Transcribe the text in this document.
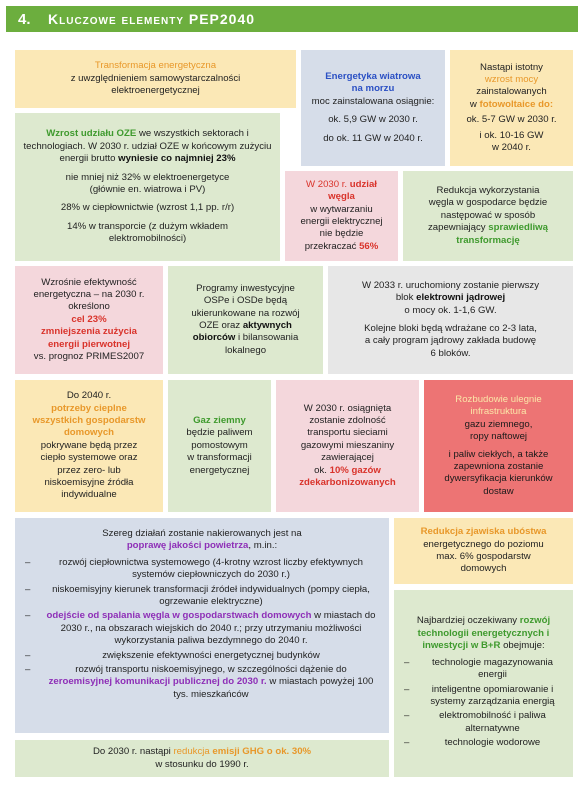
4.	Kluczowe elementy PEP2040

Transformacja energetyczna

z uwzględnieniem samowystarczalności

elektroenergetycznej

Energetyka wiatrowa

na morzu

moc zainstalowana osiągnie:

ok. 5,9 GW w 2030 r.

do ok. 11 GW w 2040 r.

Nastąpi istotny

wzrost mocy

zainstalowanych

w fotowoltaice do:

ok. 5-7 GW w 2030 r.

i ok. 10-16 GW

w 2040 r.

Wzrost udziału OZE we wszystkich sektorach i technologiach. W 2030 r. udział OZE w końcowym zużyciu energii brutto wyniesie co najmniej 23%

nie mniej niż 32% w elektroenergetyce

(głównie en. wiatrowa i PV)

28% w ciepłownictwie (wzrost 1,1 pp. r/r)

14% w transporcie (z dużym wkładem

elektromobilności)

W 2030 r. udział

węgla

w wytwarzaniu

energii elektrycznej

nie będzie

przekraczać 56%

Redukcja wykorzystania

węgla w gospodarce będzie

następować w sposób

zapewniający sprawiedliwą

transformację

Wzrośnie efektywność

energetyczna – na 2030 r.

określono

cel 23%

zmniejszenia zużycia

energii pierwotnej

vs. prognoz PRIMES2007

Programy inwestycyjne

OSPe i OSDe będą

ukierunkowane na rozwój

OZE oraz aktywnych

obiorców i bilansowania

lokalnego

W 2033 r. uruchomiony zostanie pierwszy

blok elektrowni jądrowej

o mocy ok. 1-1,6 GW.

Kolejne bloki będą wdrażane co 2-3 lata,

a cały program jądrowy zakłada budowę

6 bloków.

Do 2040 r.

potrzeby cieplne

wszystkich gospodarstw

domowych

pokrywane będą przez

ciepło systemowe oraz

przez zero- lub

niskoemisyjne źródła

indywidualne

Gaz ziemny

będzie paliwem

pomostowym

w transformacji

energetycznej

W 2030 r. osiągnięta

zostanie zdolność

transportu sieciami

gazowymi mieszaniny

zawierającej

ok. 10% gazów

zdekarbonizowanych

Rozbudowie ulegnie

infrastruktura

gazu ziemnego,

ropy naftowej

i paliw ciekłych, a także

zapewniona zostanie

dywersyfikacja kierunków

dostaw

Szereg działań zostanie nakierowanych jest na

poprawę jakości powietrza, m.in.:

– rozwój ciepłownictwa systemowego (4-krotny wzrost liczby efektywnych systemów ciepłowniczych do 2030 r.)
– niskoemisyjny kierunek transformacji źródeł indywidualnych (pompy ciepła, ogrzewanie elektryczne)
– odejście od spalania węgla w gospodarstwach domowych w miastach do 2030 r., na obszarach wiejskich do 2040 r.; przy utrzymaniu możliwości wykorzystania paliwa bezdymnego do 2040 r.
– zwiększenie efektywności energetycznej budynków
– rozwój transportu niskoemisyjnego, w szczególności dążenie do zeroemisyjnej komunikacji publicznej do 2030 r. w miastach powyżej 100 tys. mieszkańców

Redukcja zjawiska ubóstwa

energetycznego do poziomu

max. 6% gospodarstw

domowych

Najbardziej oczekiwany rozwój technologii energetycznych i inwestycji w B+R obejmuje:

– technologie magazynowania energii
– inteligentne opomiarowanie i systemy zarządzania energią
– elektromobilność i paliwa alternatywne
– technologie wodorowe

Do 2030 r. nastąpi redukcja emisji GHG o ok. 30%

w stosunku do 1990 r.
